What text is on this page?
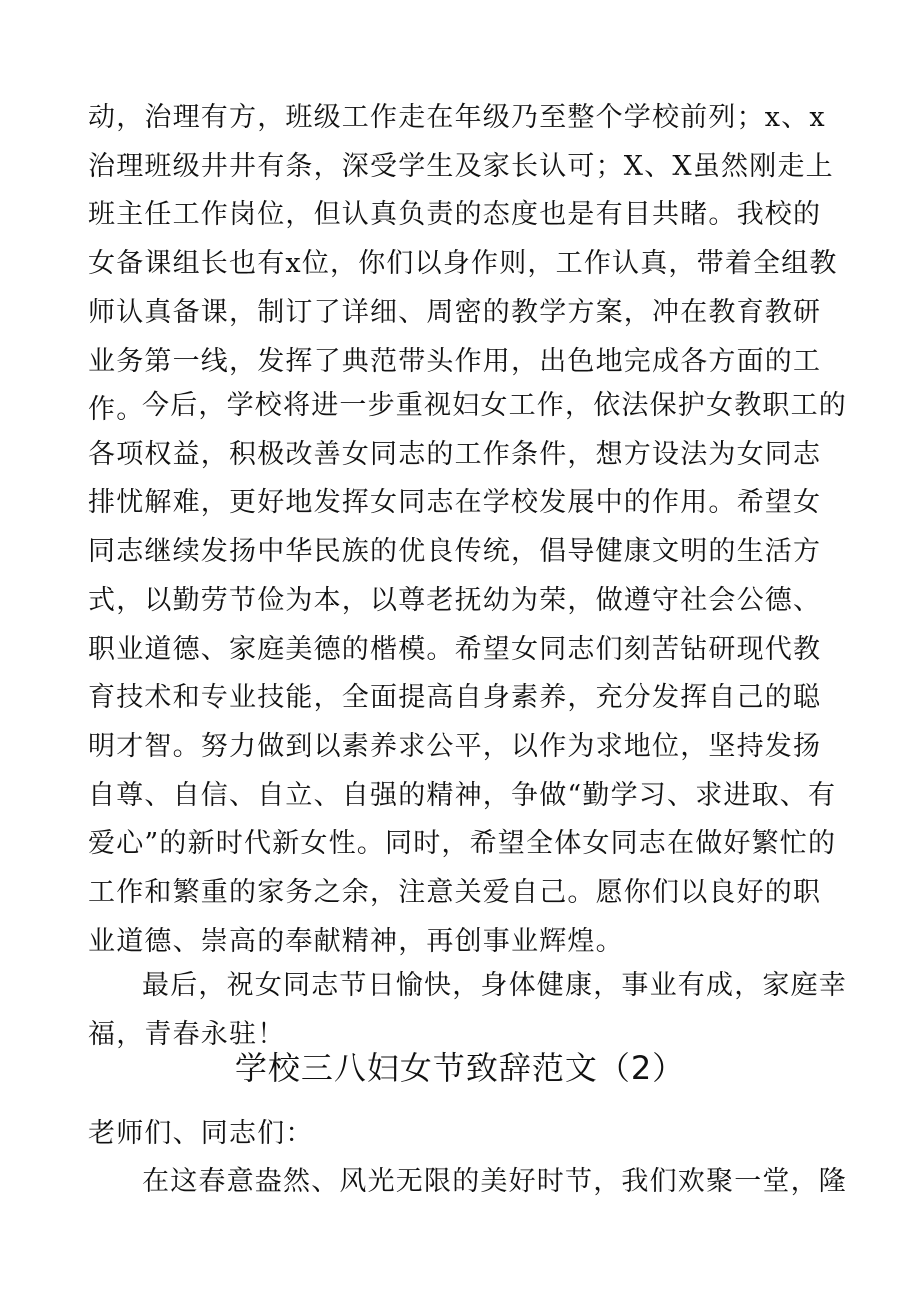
动，治理有方，班级工作走在年级乃至整个学校前列；x、x治理班级井井有条，深受学生及家长认可；X、X虽然刚走上班主任工作岗位，但认真负责的态度也是有目共睹。我校的女备课组长也有x位，你们以身作则，工作认真，带着全组教师认真备课，制订了详细、周密的教学方案，冲在教育教研业务第一线，发挥了典范带头作用，出色地完成各方面的工作。

今后，学校将进一步重视妇女工作，依法保护女教职工的各项权益，积极改善女同志的工作条件，想方设法为女同志排忧解难，更好地发挥女同志在学校发展中的作用。希望女同志继续发扬中华民族的优良传统，倡导健康文明的生活方式，以勤劳节俭为本，以尊老抚幼为荣，做遵守社会公德、职业道德、家庭美德的楷模。希望女同志们刻苦钻研现代教育技术和专业技能，全面提高自身素养，充分发挥自己的聪明才智。努力做到以素养求公平，以作为求地位，坚持发扬自尊、自信、自立、自强的精神，争做“勤学习、求进取、有爱心”的新时代新女性。同时，希望全体女同志在做好繁忙的工作和繁重的家务之余，注意关爱自己。愿你们以良好的职业道德、崇高的奉献精神，再创事业辉煌。

最后，祝女同志节日愉快，身体健康，事业有成，家庭幸福，青春永驻！

学校三八妇女节致辞范文（2）

老师们、同志们：

在这春意盎然、风光无限的美好时节，我们欢聚一堂，隆
